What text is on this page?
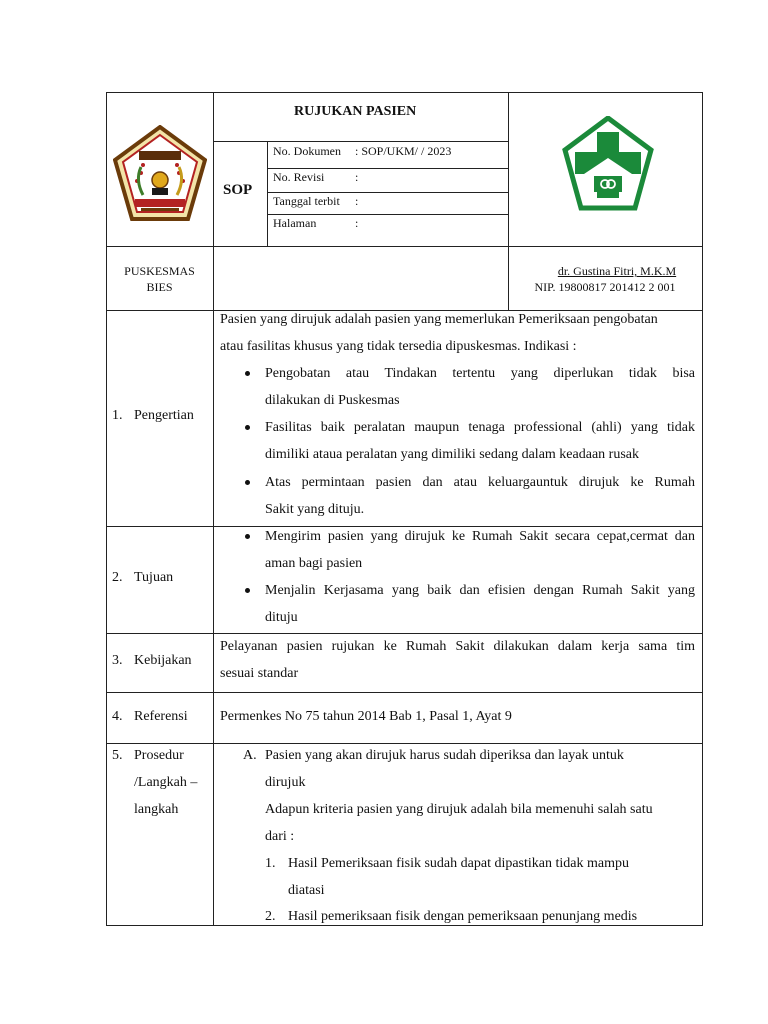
RUJUKAN PASIEN
SOP
No. Dokumen : SOP/UKM/ / 2023
No. Revisi	:
Tanggal terbit :
Halaman	:
PUSKESMAS
BIES
dr. Gustina Fitri, M.K.M
NIP. 19800817 201412 2 001
1. Pengertian
Pasien yang dirujuk adalah pasien yang memerlukan Pemeriksaan pengobatan
atau fasilitas khusus yang tidak tersedia dipuskesmas. Indikasi :
Pengobatan atau Tindakan tertentu yang diperlukan tidak bisa
dilakukan di Puskesmas
Fasilitas baik peralatan maupun tenaga professional (ahli) yang tidak
dimiliki ataua peralatan yang dimiliki sedang dalam keadaan rusak
Atas permintaan pasien dan atau keluargauntuk dirujuk ke Rumah
Sakit yang dituju.
2. Tujuan
Mengirim pasien yang dirujuk ke Rumah Sakit secara cepat,cermat dan
aman bagi pasien
Menjalin Kerjasama yang baik dan efisien dengan Rumah Sakit yang
dituju
3. Kebijakan
Pelayanan pasien rujukan ke Rumah Sakit dilakukan dalam kerja sama tim
sesuai standar
4. Referensi Permenkes No 75 tahun 2014 Bab 1, Pasal 1, Ayat 9
5. Prosedur
/Langkah –
langkah
A. Pasien yang akan dirujuk harus sudah diperiksa dan layak untuk
dirujuk
Adapun kriteria pasien yang dirujuk adalah bila memenuhi salah satu
dari :
1. Hasil Pemeriksaan fisik sudah dapat dipastikan tidak mampu
diatasi
2. Hasil pemeriksaan fisik dengan pemeriksaan penunjang medis
